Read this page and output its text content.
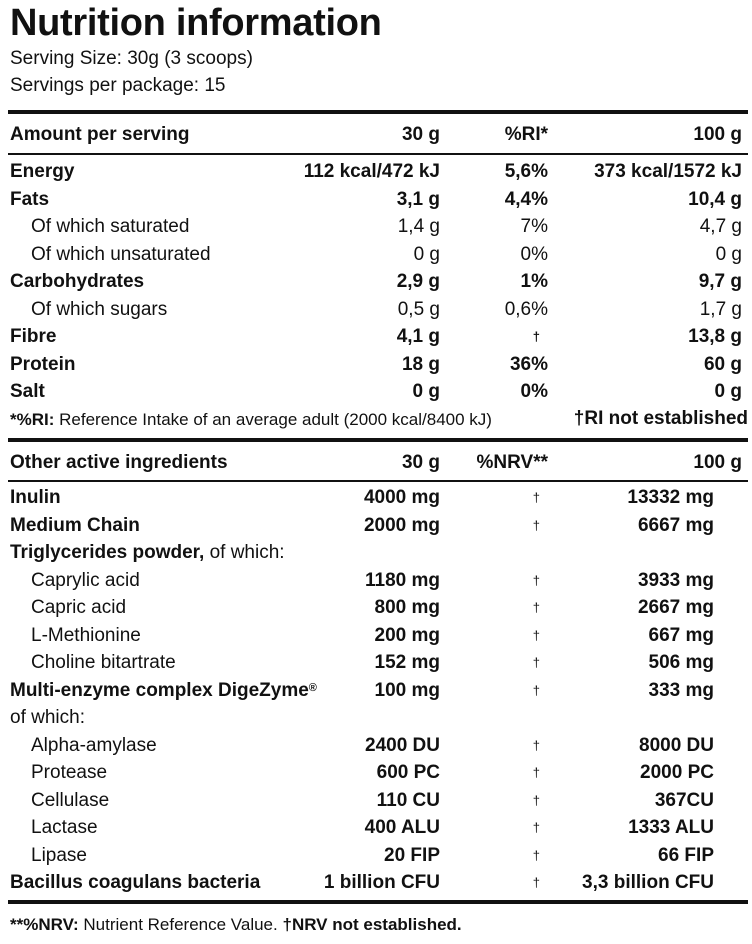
Nutrition information
Serving Size: 30g (3 scoops)
Servings per package: 15
Amount per serving	30 g	%RI*	100 g
Energy	112 kcal/472 kJ	5,6% 373 kcal/1572 kJ
Fats	3,1 g	4,4%	10,4 g
Of which saturated	1,4 g	7%	4,7 g
Of which unsaturated	0 g	0%	0 g
Carbohydrates	2,9 g	1%	9,7 g
Of which sugars	0,5 g	0,6%	1,7 g
Fibre	4,1 g	†	13,8 g
Protein	18 g	36%	60 g
Salt	0 g	0%	0 g
*%RI: Reference Intake of an average adult (2000 kcal/8400 kJ)	†RI not established
Other active ingredients	30 g %NRV**	100 g
Inulin	4000 mg	†	13332 mg
Medium Chain	2000 mg	†	6667 mg
Triglycerides powder, of which:
Caprylic acid	1180 mg	†	3933 mg
Capric acid	800 mg	†	2667 mg
L-Methionine	200 mg	†	667 mg
Choline bitartrate	152 mg	†	506 mg
Multi-enzyme complex DigeZyme®	100 mg	†	333 mg
of which:
Alpha-amylase	2400 DU	†	8000 DU
Protease	600 PC	†	2000 PC
Cellulase	110 CU	†	367CU
Lactase	400 ALU	†	1333 ALU
Lipase	20 FIP	†	66 FIP
Bacillus coagulans bacteria	1 billion CFU	† 3,3 billion CFU
**%NRV: Nutrient Reference Value. †NRV not established.
